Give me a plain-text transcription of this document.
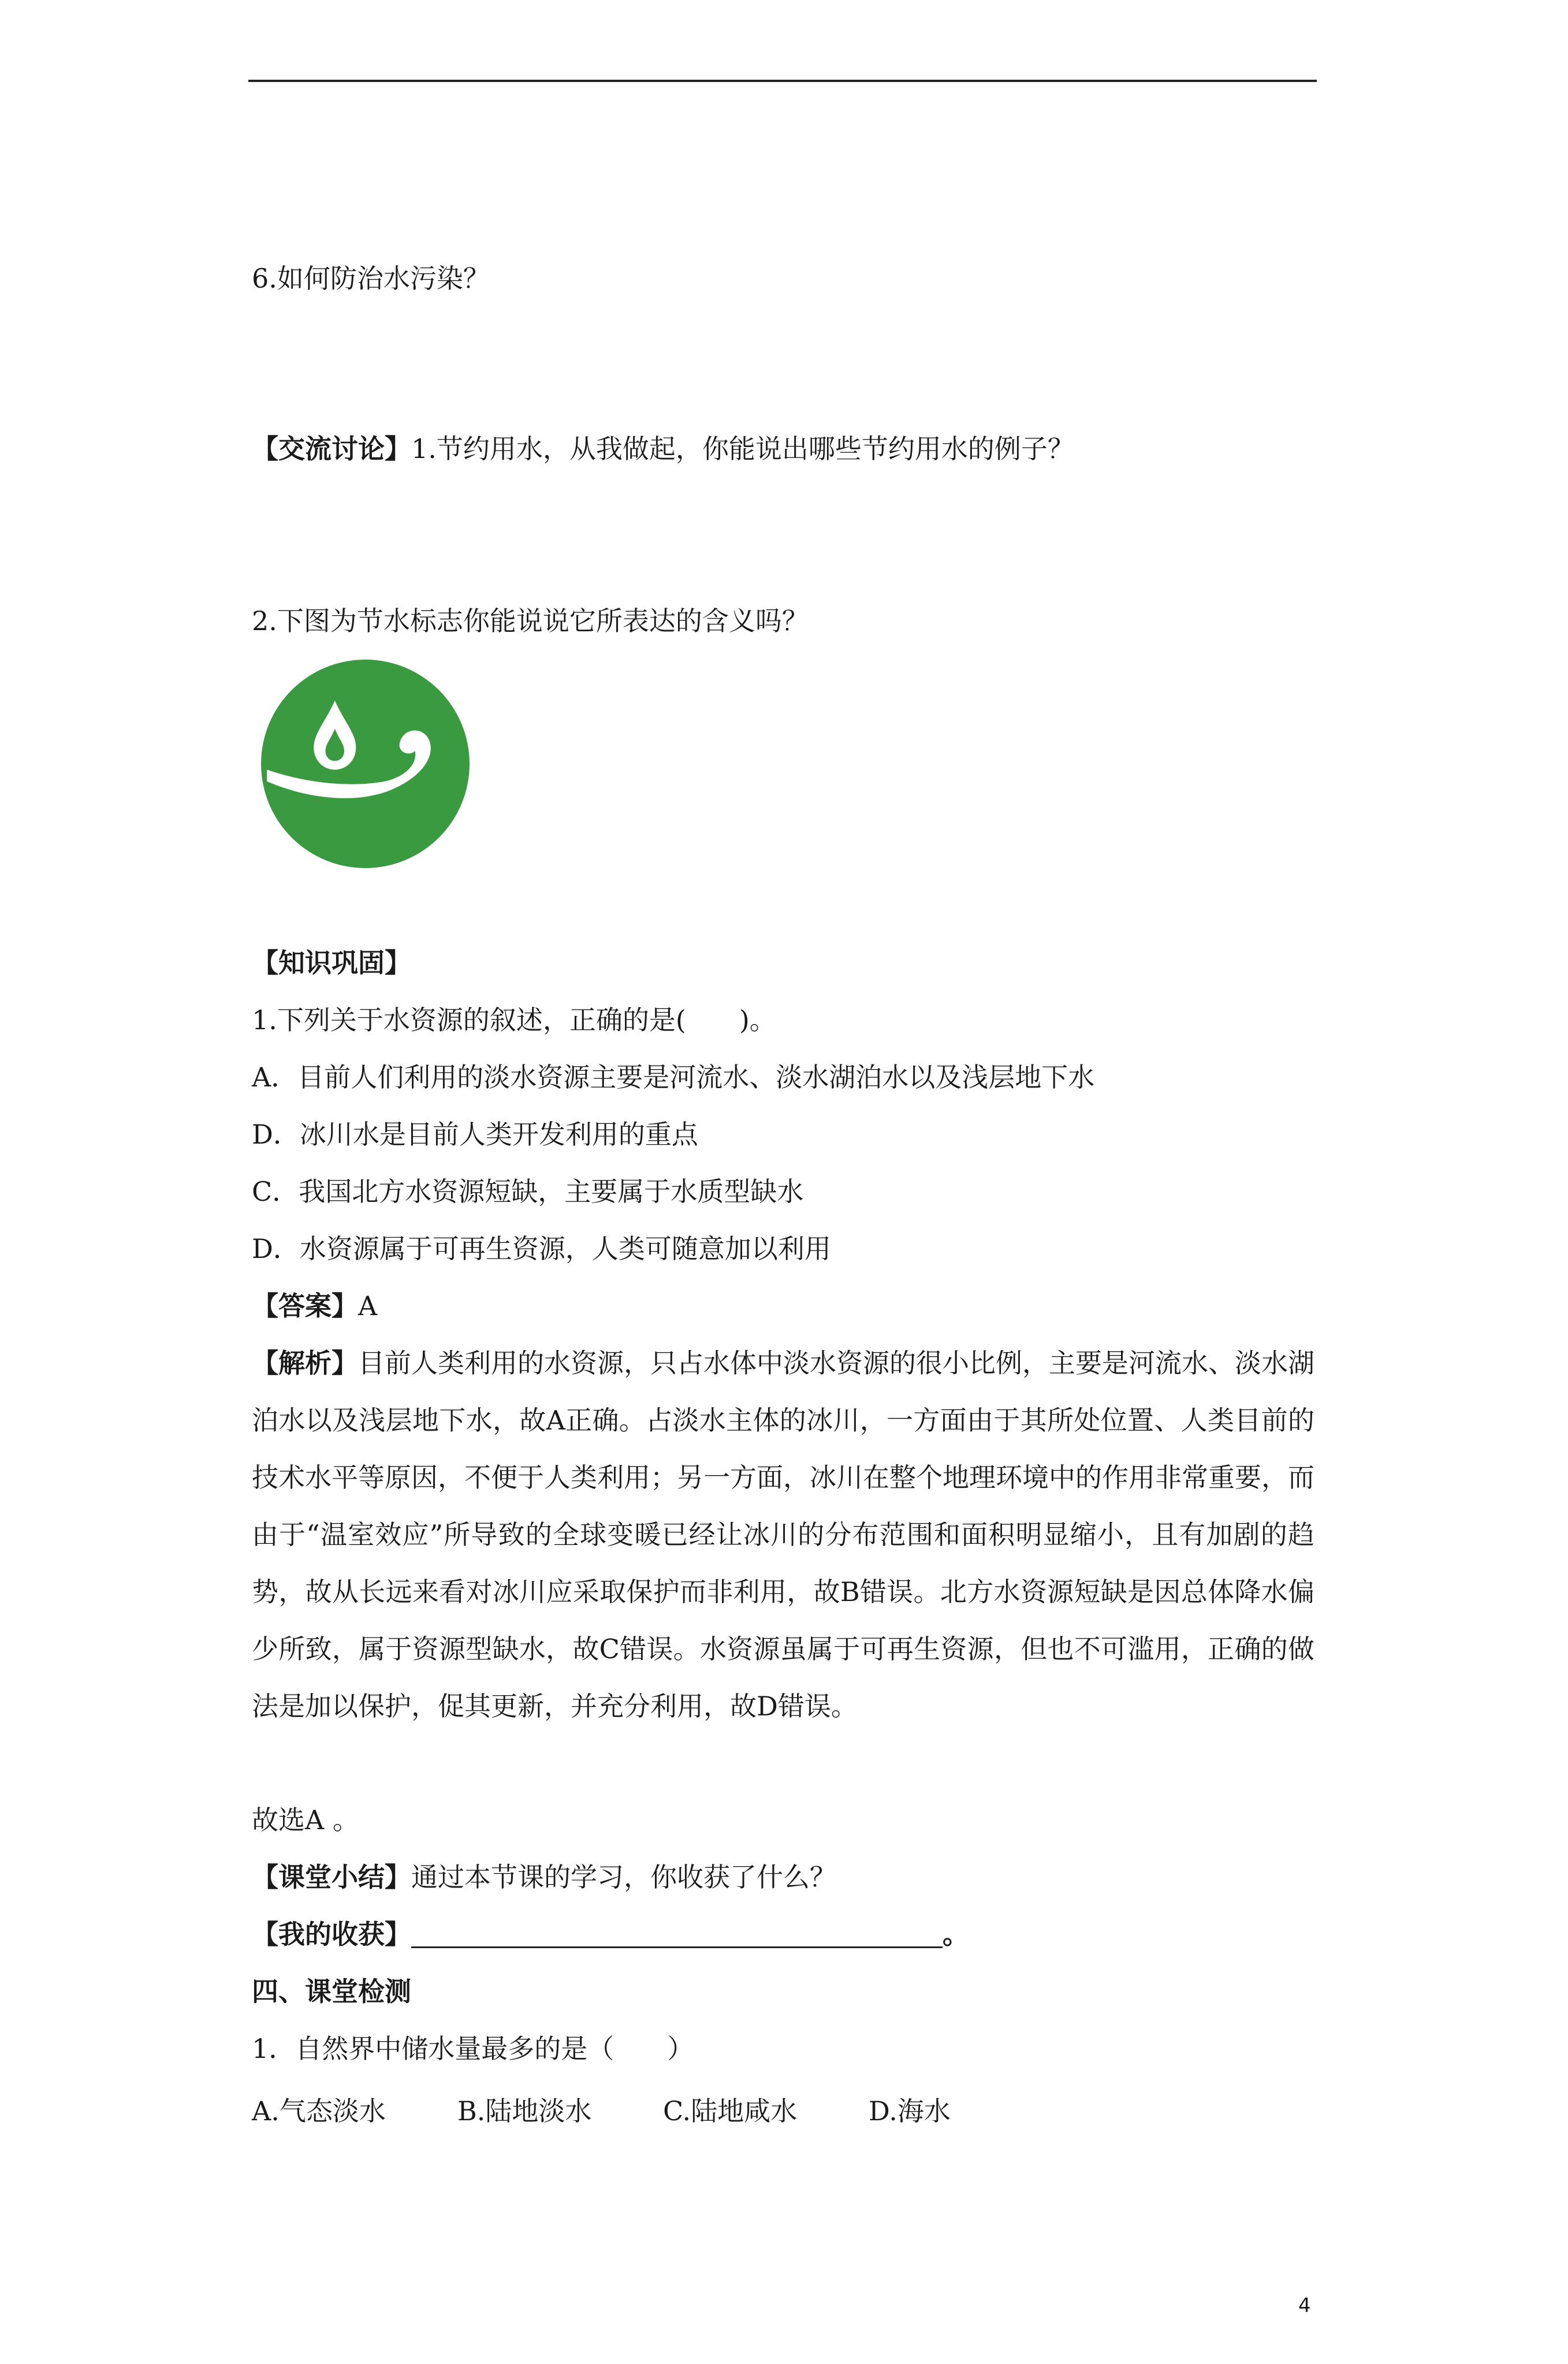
6.如何防治水污染？
【交流讨论】1.节约用水，从我做起，你能说出哪些节约用水的例子？
2.下图为节水标志你能说说它所表达的含义吗？
【知识巩固】
1.下列关于水资源的叙述，正确的是(　　)。
A．目前人们利用的淡水资源主要是河流水、淡水湖泊水以及浅层地下水
D．冰川水是目前人类开发利用的重点
C．我国北方水资源短缺，主要属于水质型缺水
D．水资源属于可再生资源，人类可随意加以利用
【答案】A
【解析】目前人类利用的水资源，只占水体中淡水资源的很小比例，主要是河流水、淡水湖泊水以及浅层地下水，故A正确。占淡水主体的冰川，一方面由于其所处位置、人类目前的技术水平等原因，不便于人类利用；另一方面，冰川在整个地理环境中的作用非常重要，而由于“温室效应”所导致的全球变暖已经让冰川的分布范围和面积明显缩小，且有加剧的趋势，故从长远来看对冰川应采取保护而非利用，故B错误。北方水资源短缺是因总体降水偏少所致，属于资源型缺水，故C错误。水资源虽属于可再生资源，但也不可滥用，正确的做法是加以保护，促其更新，并充分利用，故D错误。
故选A 。
【课堂小结】通过本节课的学习，你收获了什么？
【我的收获】	。
四、课堂检测
1．自然界中储水量最多的是（　　）
A.气态淡水	B.陆地淡水	C.陆地咸水	D.海水
4
